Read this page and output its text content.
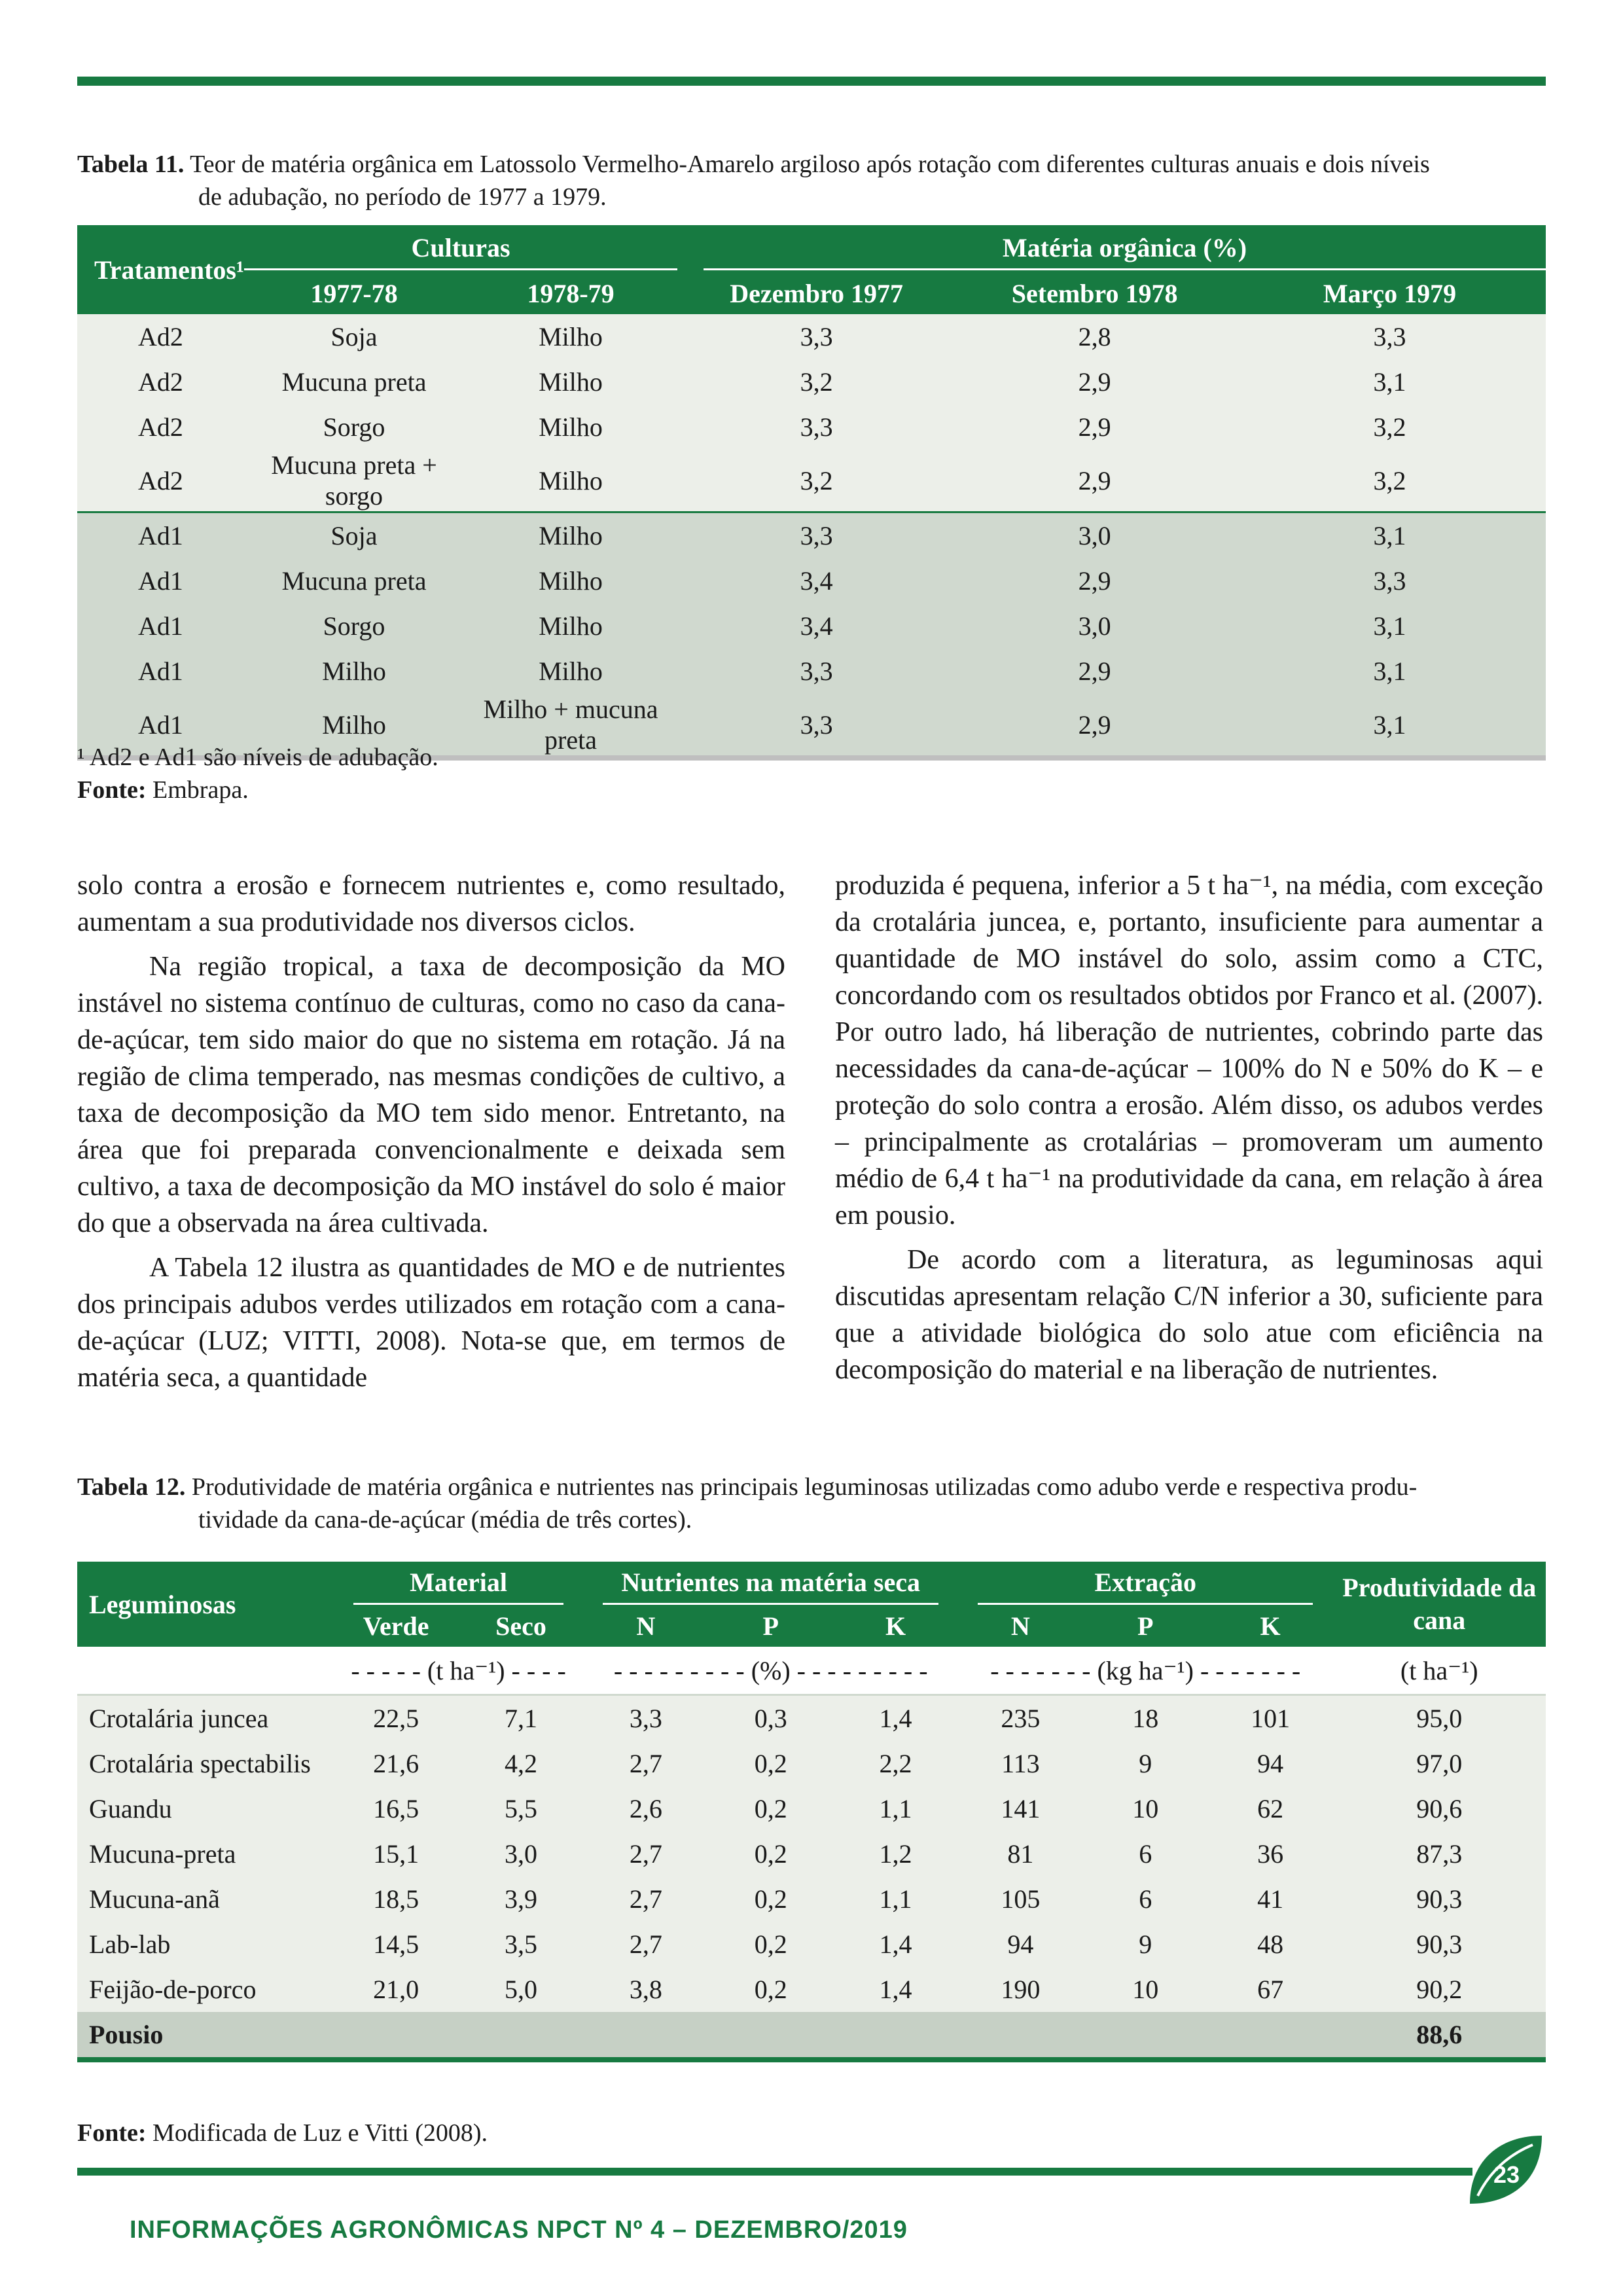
Tabela 11. Teor de matéria orgânica em Latossolo Vermelho-Amarelo argiloso após rotação com diferentes culturas anuais e dois níveis
de adubação, no período de 1977 a 1979.
Tratamentos¹	Culturas		Matéria orgânica (%)		

	1977-78	1978-79	Dezembro 1977	Setembro 1978	Março 1979
Ad2	Soja	Milho	3,3	2,8	3,3
Ad2	Mucuna preta	Milho	3,2	2,9	3,1
Ad2	Sorgo	Milho	3,3	2,9	3,2
Ad2	Mucuna preta + sorgo	Milho	3,2	2,9	3,2
Ad1	Soja	Milho	3,3	3,0	3,1
Ad1	Mucuna preta	Milho	3,4	2,9	3,3
Ad1	Sorgo	Milho	3,4	3,0	3,1
Ad1	Milho	Milho	3,3	2,9	3,1
Ad1	Milho	Milho + mucuna preta	3,3	2,9	3,1
¹ Ad2 e Ad1 são níveis de adubação.
Fonte: Embrapa.

solo contra a erosão e fornecem nutrientes e, como resultado, aumentam a sua produtividade nos diversos ciclos.

Na região tropical, a taxa de decomposição da MO instável no sistema contínuo de culturas, como no caso da cana-de-açúcar, tem sido maior do que no sistema em rotação. Já na região de clima temperado, nas mesmas condições de cultivo, a taxa de decomposição da MO tem sido menor. Entretanto, na área que foi preparada convencionalmente e deixada sem cultivo, a taxa de decomposição da MO instável do solo é maior do que a observada na área cultivada.

A Tabela 12 ilustra as quantidades de MO e de nutrientes dos principais adubos verdes utilizados em rotação com a cana-de-açúcar (LUZ; VITTI, 2008). Nota-se que, em termos de matéria seca, a quantidade

produzida é pequena, inferior a 5 t ha⁻¹, na média, com exceção da crotalária juncea, e, portanto, insuficiente para aumentar a quantidade de MO instável do solo, assim como a CTC, concordando com os resultados obtidos por Franco et al. (2007). Por outro lado, há liberação de nutrientes, cobrindo parte das necessidades da cana-de-açúcar – 100% do N e 50% do K – e proteção do solo contra a erosão. Além disso, os adubos verdes – principalmente as crotalárias – promoveram um aumento médio de 6,4 t ha⁻¹ na produtividade da cana, em relação à área em pousio.

De acordo com a literatura, as leguminosas aqui discutidas apresentam relação C/N inferior a 30, suficiente para que a atividade biológica do solo atue com eficiência na decomposição do material e na liberação de nutrientes.

Tabela 12. Produtividade de matéria orgânica e nutrientes nas principais leguminosas utilizadas como adubo verde e respectiva produ-
tividade da cana-de-açúcar (média de três cortes).
Leguminosas	Material		Nutrientes na matéria seca			Extração			Produtividade da cana
	Verde	Seco	N	P	K	N	P	K	
	- - - - - (t ha⁻¹) - - - -		- - - - - - - - - (%) - - - - - - - - -			- - - - - - - (kg ha⁻¹) - - - - - - -			(t ha⁻¹)
Crotalária juncea	22,5	7,1	3,3	0,3	1,4	235	18	101	95,0
Crotalária spectabilis	21,6	4,2	2,7	0,2	2,2	113	9	94	97,0
Guandu	16,5	5,5	2,6	0,2	1,1	141	10	62	90,6
Mucuna-preta	15,1	3,0	2,7	0,2	1,2	81	6	36	87,3
Mucuna-anã	18,5	3,9	2,7	0,2	1,1	105	6	41	90,3
Lab-lab	14,5	3,5	2,7	0,2	1,4	94	9	48	90,3
Feijão-de-porco	21,0	5,0	3,8	0,2	1,4	190	10	67	90,2
Pousio									88,6
Fonte: Modificada de Luz e Vitti (2008).
23
INFORMAÇÕES AGRONÔMICAS NPCT Nº 4 – DEZEMBRO/2019
